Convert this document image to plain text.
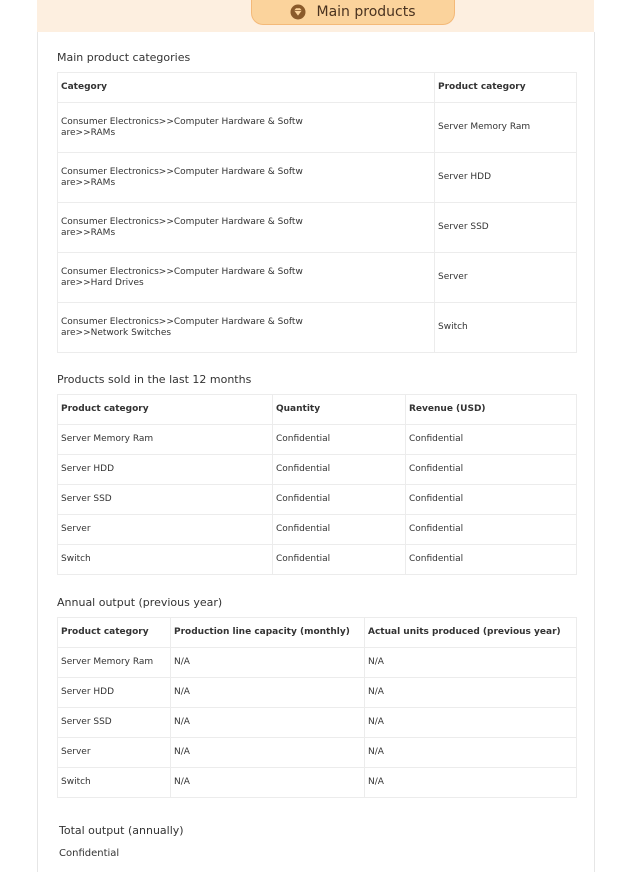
Main products
Main product categories
Category	Product category

Consumer Electronics>>Computer Hardware & Softw
are>>RAMs	Server Memory Ram

Consumer Electronics>>Computer Hardware & Softw
are>>RAMs	Server HDD

Consumer Electronics>>Computer Hardware & Softw
are>>RAMs	Server SSD

Consumer Electronics>>Computer Hardware & Softw
are>>Hard Drives	Server

Consumer Electronics>>Computer Hardware & Softw
are>>Network Switches	Switch
Products sold in the last 12 months
Product category	Quantity	Revenue (USD)
Server Memory Ram	Confidential	Confidential
Server HDD	Confidential	Confidential
Server SSD	Confidential	Confidential
Server	Confidential	Confidential
Switch	Confidential	Confidential
Annual output (previous year)
Product category	Production line capacity (monthly)	Actual units produced (previous year)
Server Memory Ram	N/A	N/A
Server HDD	N/A	N/A
Server SSD	N/A	N/A
Server	N/A	N/A
Switch	N/A	N/A
Total output (annually)
Confidential
